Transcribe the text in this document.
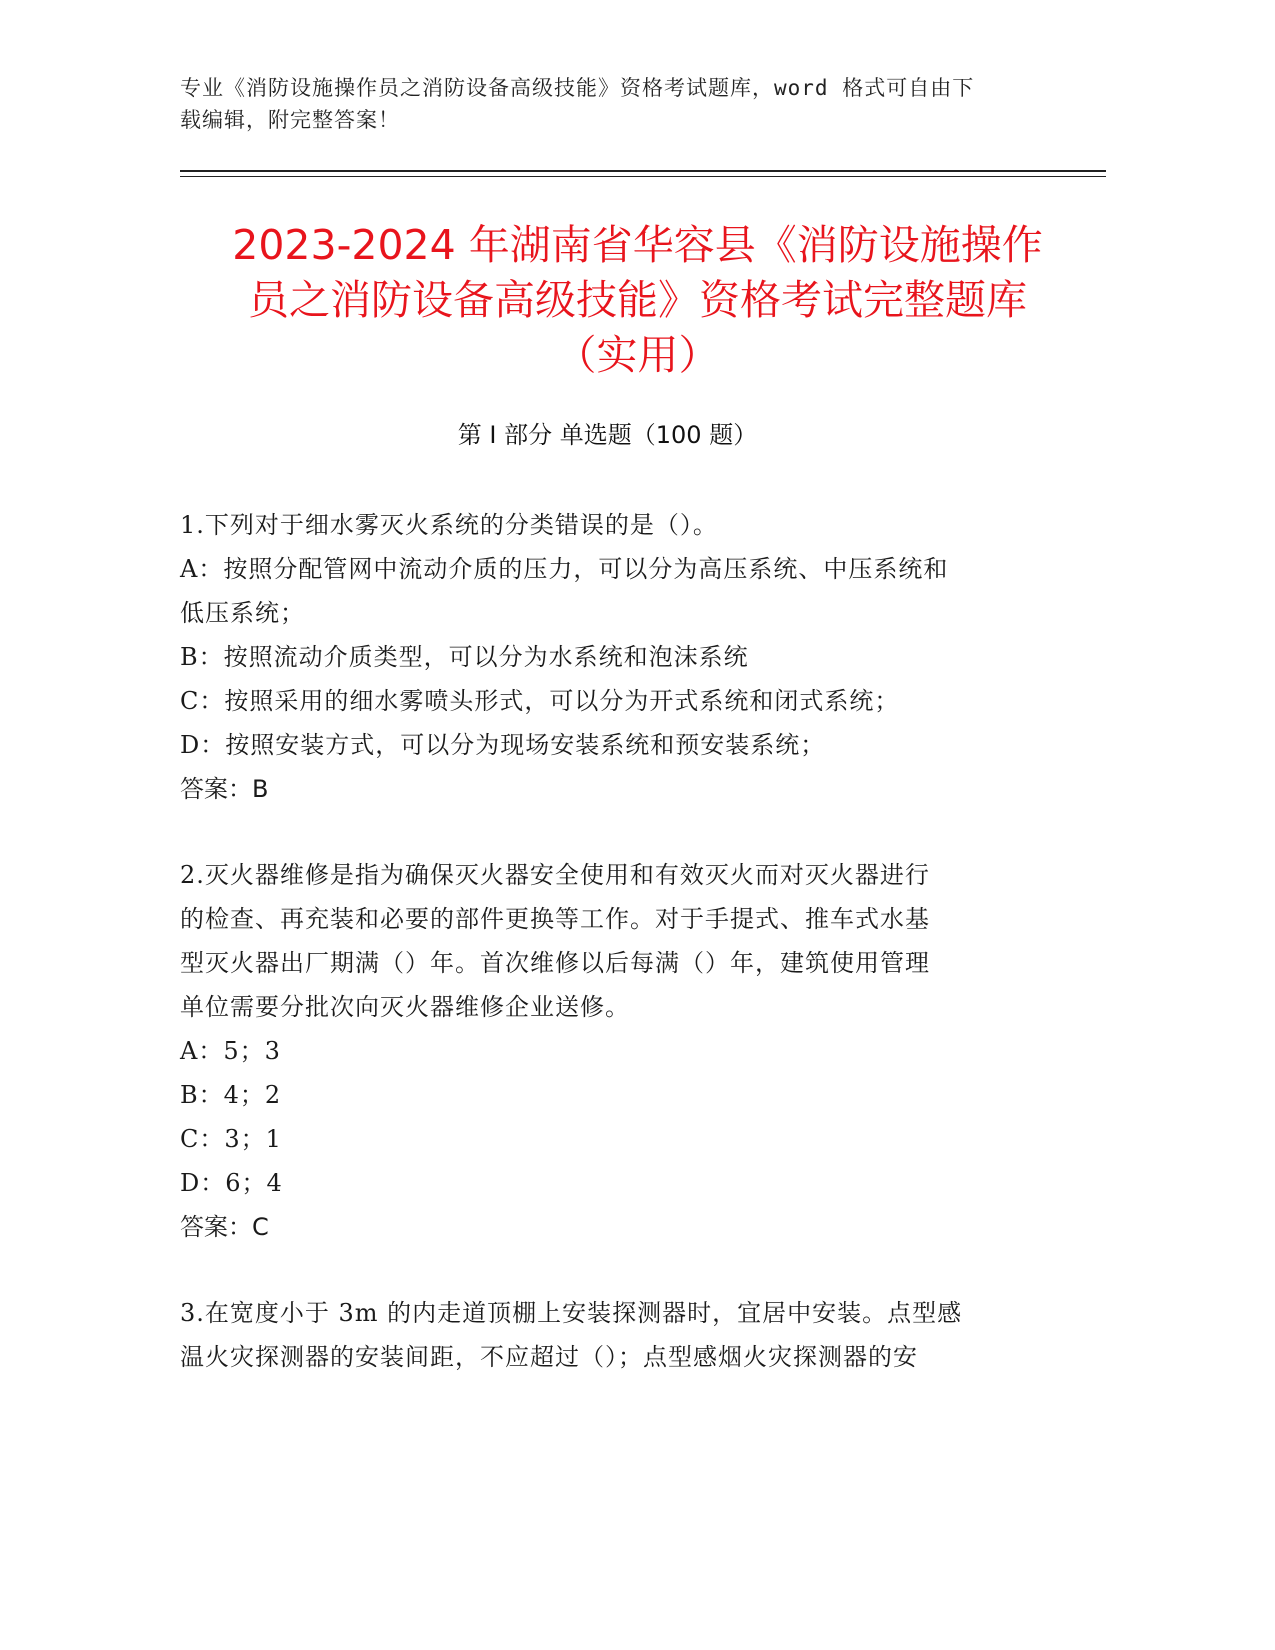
专业《消防设施操作员之消防设备高级技能》资格考试题库，word 格式可自由下
载编辑，附完整答案！
2023-2024 年湖南省华容县《消防设施操作
员之消防设备高级技能》资格考试完整题库
（实用）
第 I 部分 单选题（100 题）
1.下列对于细水雾灭火系统的分类错误的是（）。
A：按照分配管网中流动介质的压力，可以分为高压系统、中压系统和
低压系统；
B：按照流动介质类型，可以分为水系统和泡沫系统
C：按照采用的细水雾喷头形式，可以分为开式系统和闭式系统；
D：按照安装方式，可以分为现场安装系统和预安装系统；
答案：B
2.灭火器维修是指为确保灭火器安全使用和有效灭火而对灭火器进行
的检查、再充装和必要的部件更换等工作。对于手提式、推车式水基
型灭火器出厂期满（）年。首次维修以后每满（）年，建筑使用管理
单位需要分批次向灭火器维修企业送修。
A：5；3
B：4；2
C：3；1
D：6；4
答案：C
3.在宽度小于 3m 的内走道顶棚上安装探测器时，宜居中安装。点型感
温火灾探测器的安装间距，不应超过（）；点型感烟火灾探测器的安
